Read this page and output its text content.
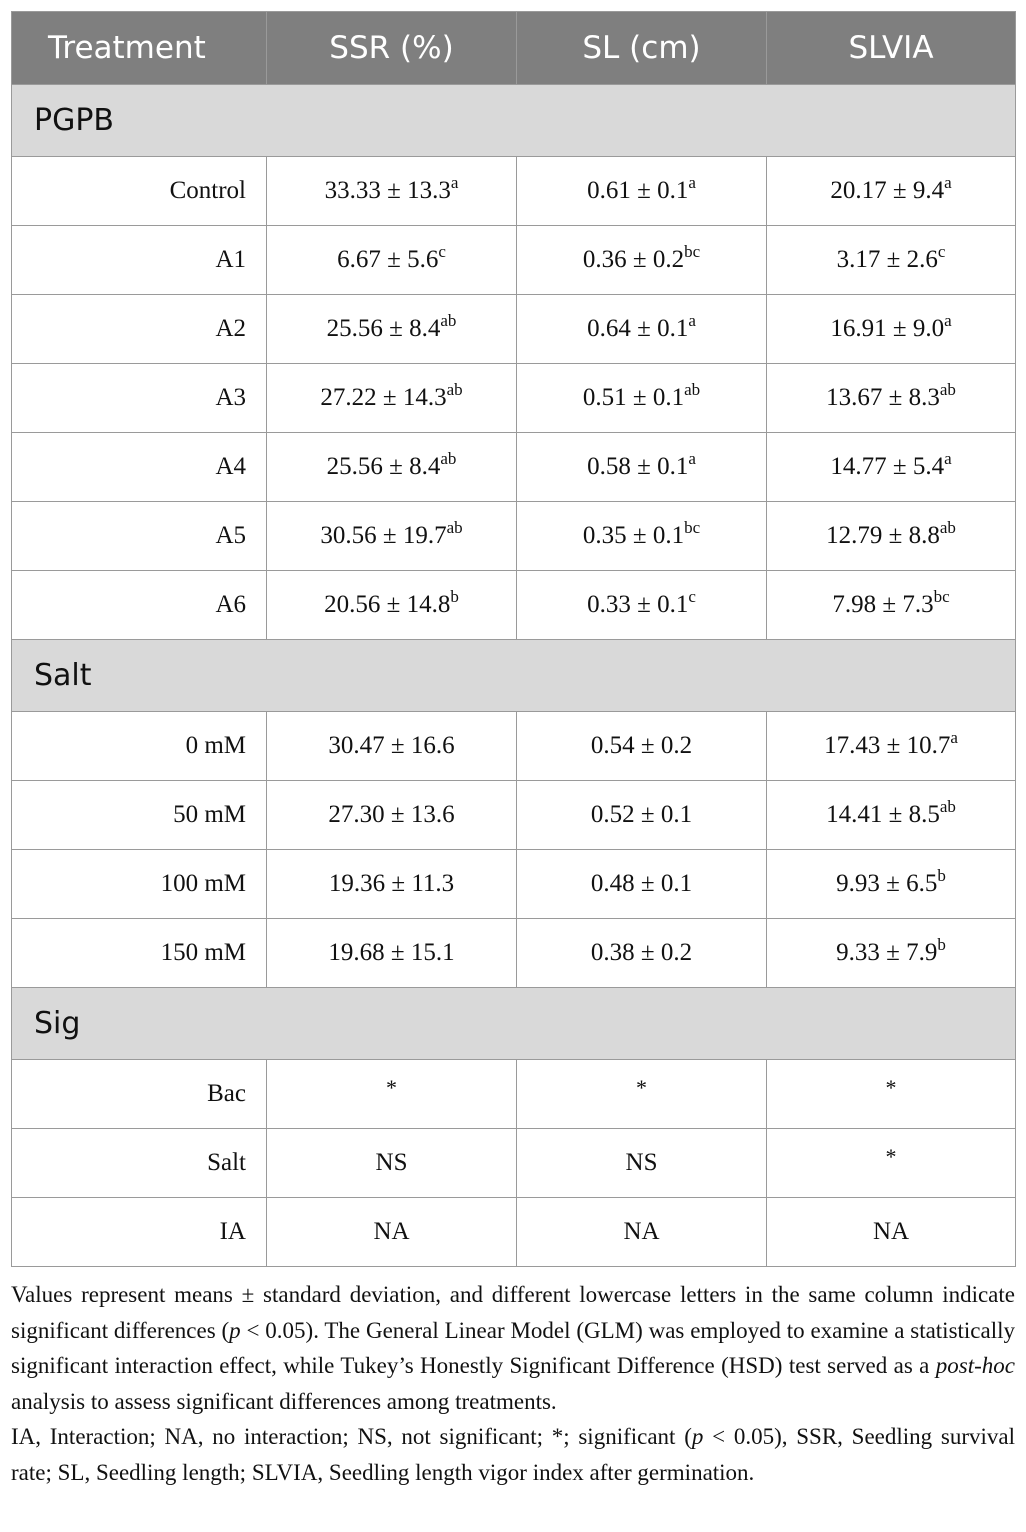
Treatment	SSR (%)	SL (cm)	SLVIA
PGPB			
Control	33.33 ± 13.3$^a$	0.61 ± 0.1$^a$	20.17 ± 9.4$^a$
A1	6.67 ± 5.6$^c$	0.36 ± 0.2$^{bc}$	3.17 ± 2.6$^c$
A2	25.56 ± 8.4$^{ab}$	0.64 ± 0.1$^a$	16.91 ± 9.0$^a$
A3	27.22 ± 14.3$^{ab}$	0.51 ± 0.1$^{ab}$	13.67 ± 8.3$^{ab}$
A4	25.56 ± 8.4$^{ab}$	0.58 ± 0.1$^a$	14.77 ± 5.4$^a$
A5	30.56 ± 19.7$^{ab}$	0.35 ± 0.1$^{bc}$	12.79 ± 8.8$^{ab}$
A6	20.56 ± 14.8$^b$	0.33 ± 0.1$^c$	7.98 ± 7.3$^{bc}$
Salt			
0 mM	30.47 ± 16.6	0.54 ± 0.2	17.43 ± 10.7$^a$
50 mM	27.30 ± 13.6	0.52 ± 0.1	14.41 ± 8.5$^{ab}$
100 mM	19.36 ± 11.3	0.48 ± 0.1	9.93 ± 6.5$^b$
150 mM	19.68 ± 15.1	0.38 ± 0.2	9.33 ± 7.9$^b$
Sig			
Bac	*	*	*
Salt	NS	NS	*
IA	NA	NA	NA

Values represent means ± standard deviation, and different lowercase letters in the same column indicate significant differences (p < 0.05). The General Linear Model (GLM) was employed to examine a statistically significant interaction effect, while Tukey’s Honestly Significant Difference (HSD) test served as a post-hoc analysis to assess significant differences among treatments.

IA, Interaction; NA, no interaction; NS, not significant; *; significant (p < 0.05), SSR, Seedling survival rate; SL, Seedling length; SLVIA, Seedling length vigor index after germination.
